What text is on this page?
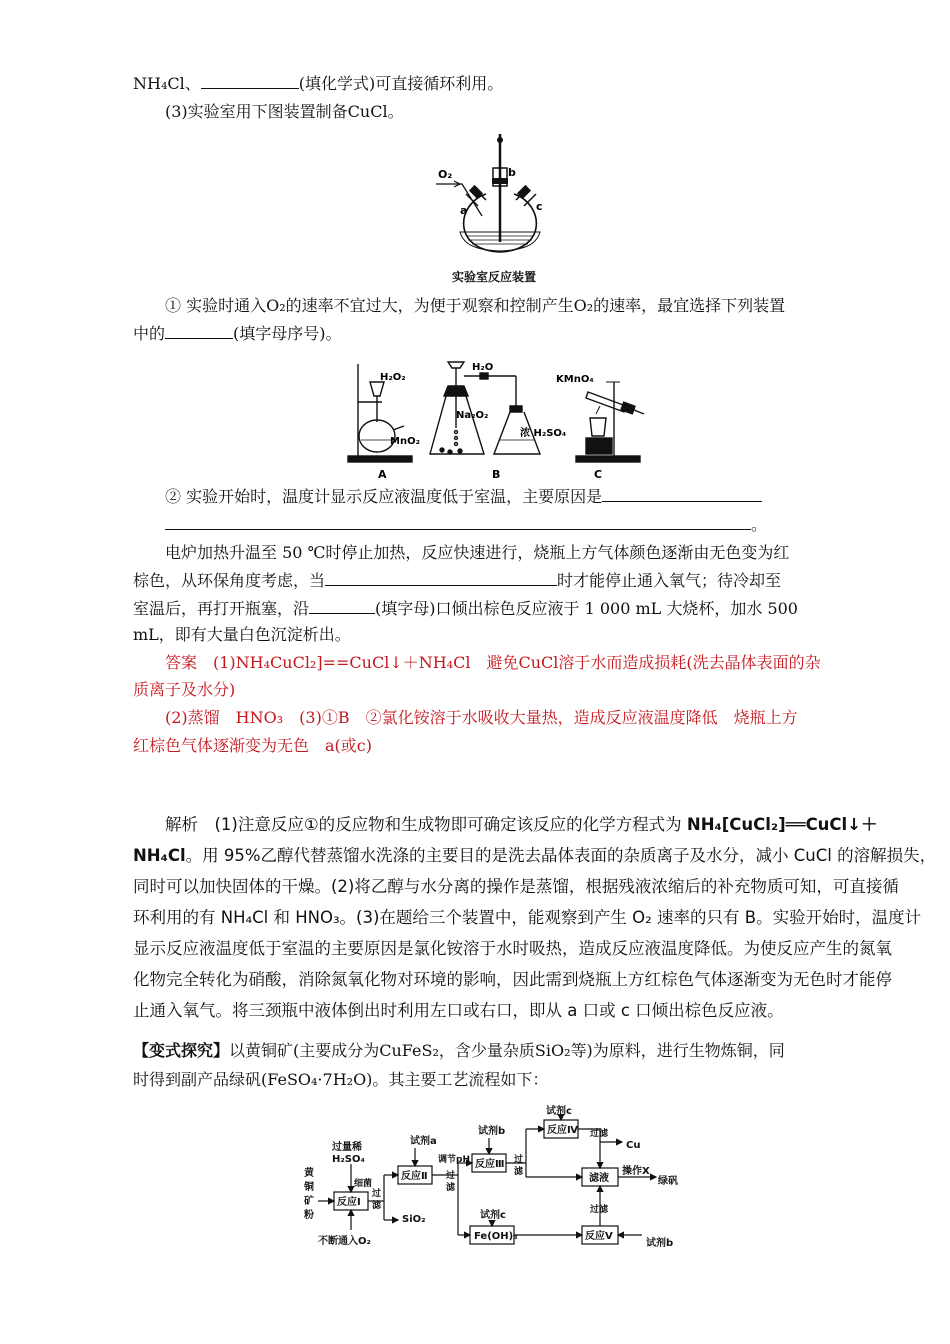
NH₄Cl、	(填化学式)可直接循环利用。
(3)实验室用下图装置制备CuCl。
O₂
a
b
c
实验室反应装置
① 实验时通入O₂的速率不宜过大，为便于观察和控制产生O₂的速率，最宜选择下列装置
中的	(填字母序号)。
H₂O₂
MnO₂
A
H₂O
Na₂O₂
浓 H₂SO₄
B
KMnO₄
C
② 实验开始时，温度计显示反应液温度低于室温，主要原因是
。
电炉加热升温至 50 ℃时停止加热，反应快速进行，烧瓶上方气体颜色逐渐由无色变为红
棕色，从环保角度考虑，当	时才能停止通入氧气；待冷却至
室温后，再打开瓶塞，沿	(填字母)口倾出棕色反应液于 1 000 mL 大烧杯，加水 500
mL，即有大量白色沉淀析出。
答案　(1)NH₄CuCl₂]==CuCl↓＋NH₄Cl　避免CuCl溶于水而造成损耗(洗去晶体表面的杂
质离子及水分)
(2)蒸馏　HNO₃　(3)①B　②氯化铵溶于水吸收大量热，造成反应液温度降低　烧瓶上方
红棕色气体逐渐变为无色　a(或c)
解析　(1)注意反应①的反应物和生成物即可确定该反应的化学方程式为 NH₄[CuCl₂]══CuCl↓＋
NH₄Cl。用 95%乙醇代替蒸馏水洗涤的主要目的是洗去晶体表面的杂质离子及水分，减小 CuCl 的溶解损失，
同时可以加快固体的干燥。(2)将乙醇与水分离的操作是蒸馏，根据残液浓缩后的补充物质可知，可直接循
环利用的有 NH₄Cl 和 HNO₃。(3)在题给三个装置中，能观察到产生 O₂ 速率的只有 B。实验开始时，温度计
显示反应液温度低于室温的主要原因是氯化铵溶于水时吸热，造成反应液温度降低。为使反应产生的氮氧
化物完全转化为硝酸，消除氮氧化物对环境的影响，因此需到烧瓶上方红棕色气体逐渐变为无色时才能停
止通入氧气。将三颈瓶中液体倒出时利用左口或右口，即从 a 口或 c 口倾出棕色反应液。
【变式探究】以黄铜矿(主要成分为CuFeS₂，含少量杂质SiO₂等)为原料，进行生物炼铜，同
时得到副产品绿矾(FeSO₄·7H₂O)。其主要工艺流程如下：
黄
铜
矿
粉
过量稀
H₂SO₄
细菌
不断通入O₂
SiO₂
过
滤
试剂a
调节pH
过
滤
试剂b
过
滤
试剂c
过滤
Cu
操作X
绿矾
试剂c	过滤
试剂b
反应Ⅰ
反应Ⅱ
反应Ⅲ
反应Ⅳ
滤液
Fe(OH)₃	反应Ⅴ
